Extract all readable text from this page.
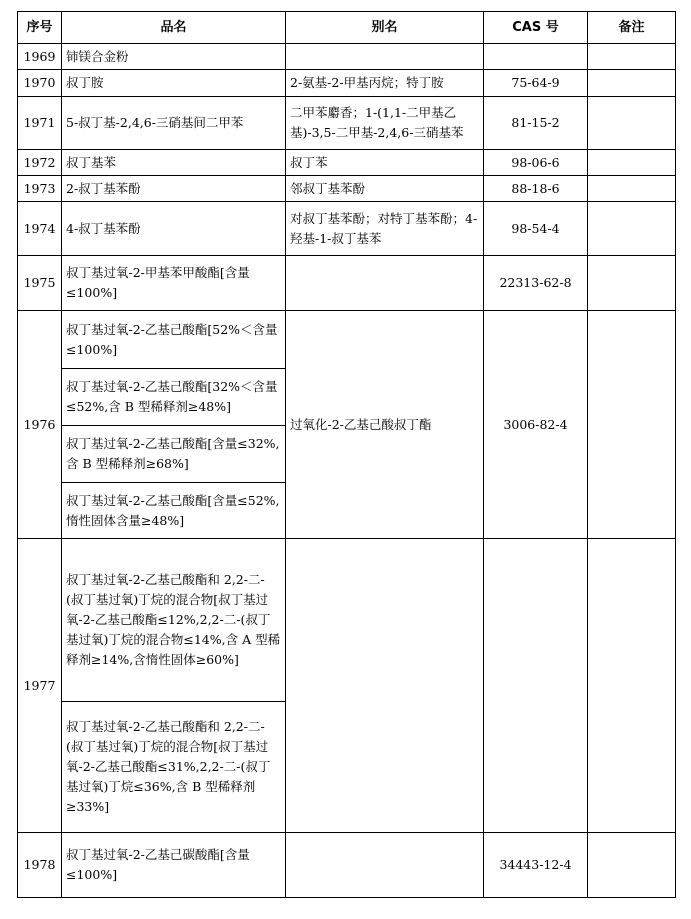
序号	品名	别名	CAS 号	备注
1969	铈镁合金粉			
1970	叔丁胺	2-氨基-2-甲基丙烷；特丁胺	75-64-9	
1971	5-叔丁基-2,4,6-三硝基间二甲苯	二甲苯麝香；1-(1,1-二甲基乙基)-3,5-二甲基-2,4,6-三硝基苯	81-15-2	
1972	叔丁基苯	叔丁苯	98-06-6	
1973	2-叔丁基苯酚	邻叔丁基苯酚	88-18-6	
1974	4-叔丁基苯酚	对叔丁基苯酚；对特丁基苯酚；4-羟基-1-叔丁基苯	98-54-4	
1975	叔丁基过氧-2-甲基苯甲酸酯[含量≤100%]		22313-62-8	
1976	叔丁基过氧-2-乙基己酸酯[52%＜含量≤100%]	过氧化-2-乙基己酸叔丁酯	3006-82-4	
	叔丁基过氧-2-乙基己酸酯[32%＜含量≤52%,含 B 型稀释剂≥48%]			
	叔丁基过氧-2-乙基己酸酯[含量≤32%,含 B 型稀释剂≥68%]			
	叔丁基过氧-2-乙基己酸酯[含量≤52%,惰性固体含量≥48%]			
1977	叔丁基过氧-2-乙基己酸酯和 2,2-二-(叔丁基过氧)丁烷的混合物[叔丁基过氧-2-乙基己酸酯≤12%,2,2-二-(叔丁基过氧)丁烷的混合物≤14%,含 A 型稀释剂≥14%,含惰性固体≥60%]			
	叔丁基过氧-2-乙基己酸酯和 2,2-二-(叔丁基过氧)丁烷的混合物[叔丁基过氧-2-乙基己酸酯≤31%,2,2-二-(叔丁基过氧)丁烷≤36%,含 B 型稀释剂≥33%]			
1978	叔丁基过氧-2-乙基己碳酸酯[含量≤100%]		34443-12-4	
